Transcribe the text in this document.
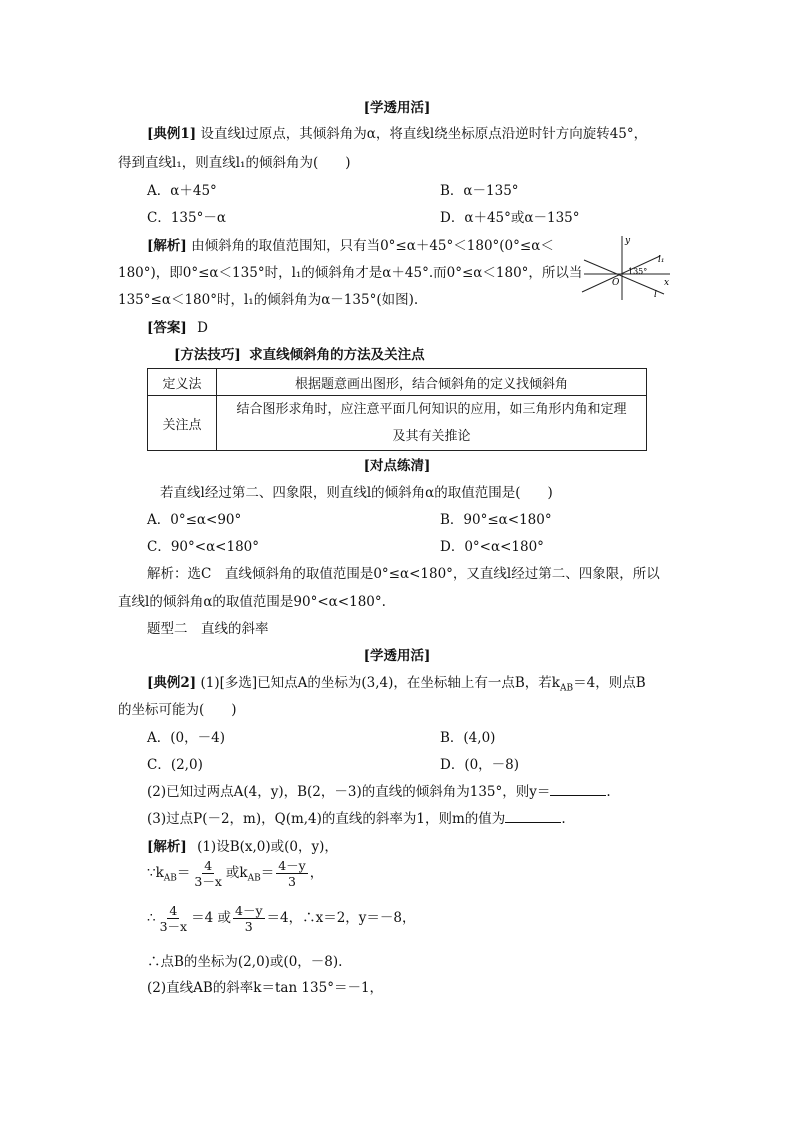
[学透用活]
[典例1] 设直线l过原点，其倾斜角为α，将直线l绕坐标原点沿逆时针方向旋转45°，
得到直线l₁，则直线l₁的倾斜角为(　　)
A．α＋45°	B．α－135°
C．135°－α	D．α＋45°或α－135°
[解析] 由倾斜角的取值范围知，只有当0°≤α＋45°＜180°(0°≤α＜
180°)，即0°≤α＜135°时，l₁的倾斜角才是α＋45°.而0°≤α＜180°，所以当
135°≤α＜180°时，l₁的倾斜角为α－135°(如图).
y
x
O
l₁
l
135°
[答案] D
[方法技巧] 求直线倾斜角的方法及关注点
定义法	根据题意画出图形，结合倾斜角的定义找倾斜角
关注点	结合图形求角时，应注意平面几何知识的应用，如三角形内角和定理
及其有关推论
[对点练清]
若直线l经过第二、四象限，则直线l的倾斜角α的取值范围是(　　)
A．0°≤α<90°	B．90°≤α<180°
C．90°<α<180°	D．0°<α<180°
解析：选C　直线倾斜角的取值范围是0°≤α<180°，又直线l经过第二、四象限，所以
直线l的倾斜角α的取值范围是90°<α<180°.
题型二　直线的斜率
[学透用活]
[典例2] (1)[多选]已知点A的坐标为(3,4)，在坐标轴上有一点B，若$k_{AB}=4$，则点B
的坐标可能为(　　)
A．(0，－4)	B．(4,0)
C．(2,0)	D．(0，－8)
(2)已知过两点A(4，y)，B(2，－3)的直线的倾斜角为135°，则y＝	.
(3)过点P(－2，m)，Q(m,4)的直线的斜率为1，则m的值为	.
[解析] (1)设B(x,0)或(0，y)，
$\because k_{AB}= \frac{4}{3-x}$ 或$k_{AB}= \frac{4-y}{3}$ ，
∴ $\frac{4}{3-x} =4$ 或 $\frac{4-y}{3} =4$，∴x＝2，y＝－8，
∴点B的坐标为(2,0)或(0，－8).
(2)直线AB的斜率k＝tan 135°＝－1，
